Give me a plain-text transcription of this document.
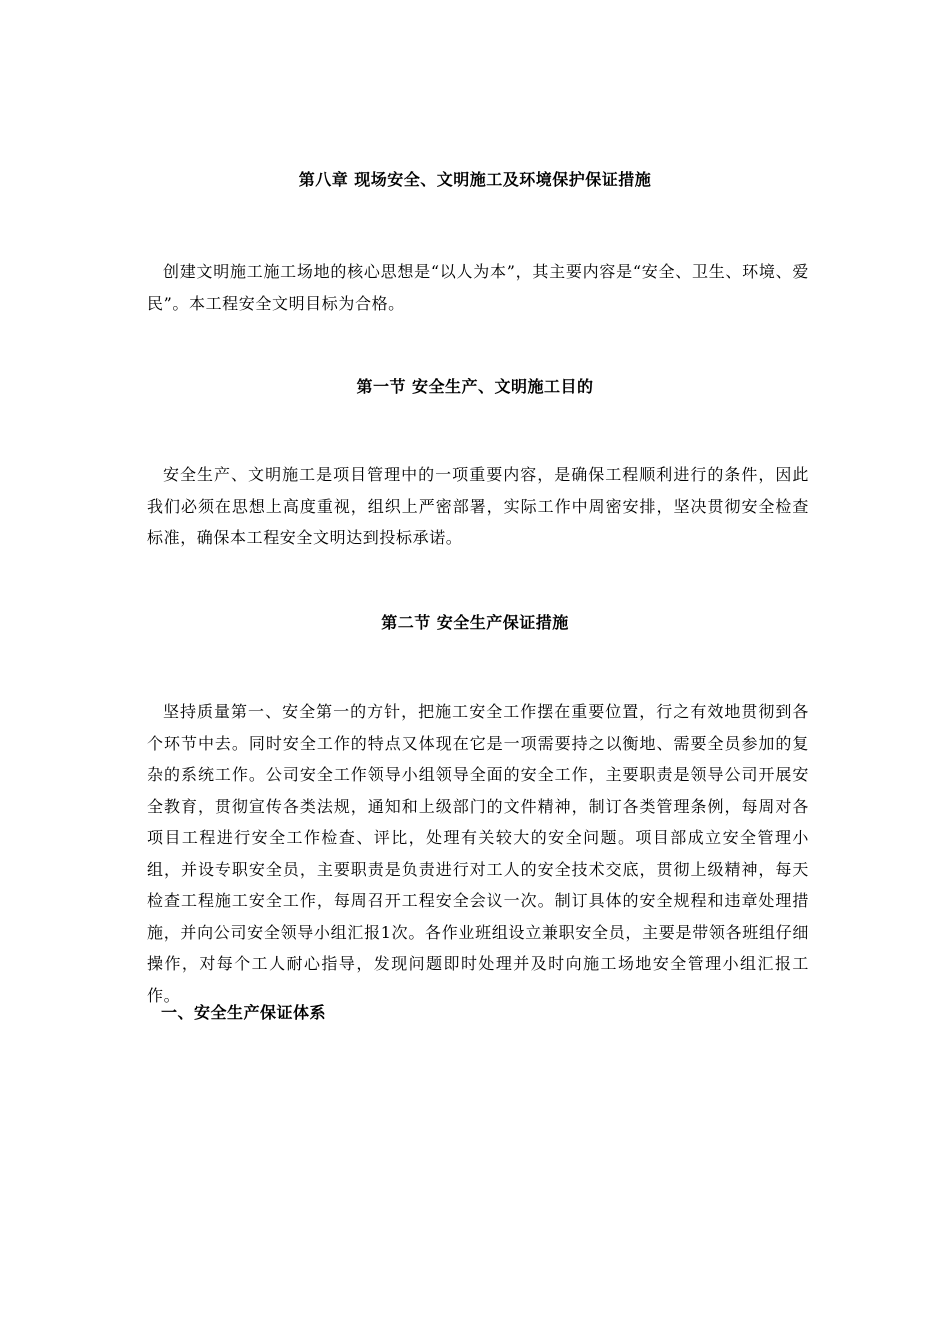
第八章 现场安全、文明施工及环境保护保证措施
创建文明施工施工场地的核心思想是“以人为本”，其主要内容是“安全、卫生、环境、爱民”。本工程安全文明目标为合格。
第一节 安全生产、文明施工目的
安全生产、文明施工是项目管理中的一项重要内容，是确保工程顺利进行的条件，因此我们必须在思想上高度重视，组织上严密部署，实际工作中周密安排，坚决贯彻安全检查标准，确保本工程安全文明达到投标承诺。
第二节 安全生产保证措施
坚持质量第一、安全第一的方针，把施工安全工作摆在重要位置，行之有效地贯彻到各个环节中去。同时安全工作的特点又体现在它是一项需要持之以衡地、需要全员参加的复杂的系统工作。公司安全工作领导小组领导全面的安全工作，主要职责是领导公司开展安全教育，贯彻宣传各类法规，通知和上级部门的文件精神，制订各类管理条例，每周对各项目工程进行安全工作检查、评比，处理有关较大的安全问题。项目部成立安全管理小组，并设专职安全员，主要职责是负责进行对工人的安全技术交底，贯彻上级精神，每天检查工程施工安全工作，每周召开工程安全会议一次。制订具体的安全规程和违章处理措施，并向公司安全领导小组汇报1次。各作业班组设立兼职安全员，主要是带领各班组仔细操作，对每个工人耐心指导，发现问题即时处理并及时向施工场地安全管理小组汇报工作。
一、安全生产保证体系
